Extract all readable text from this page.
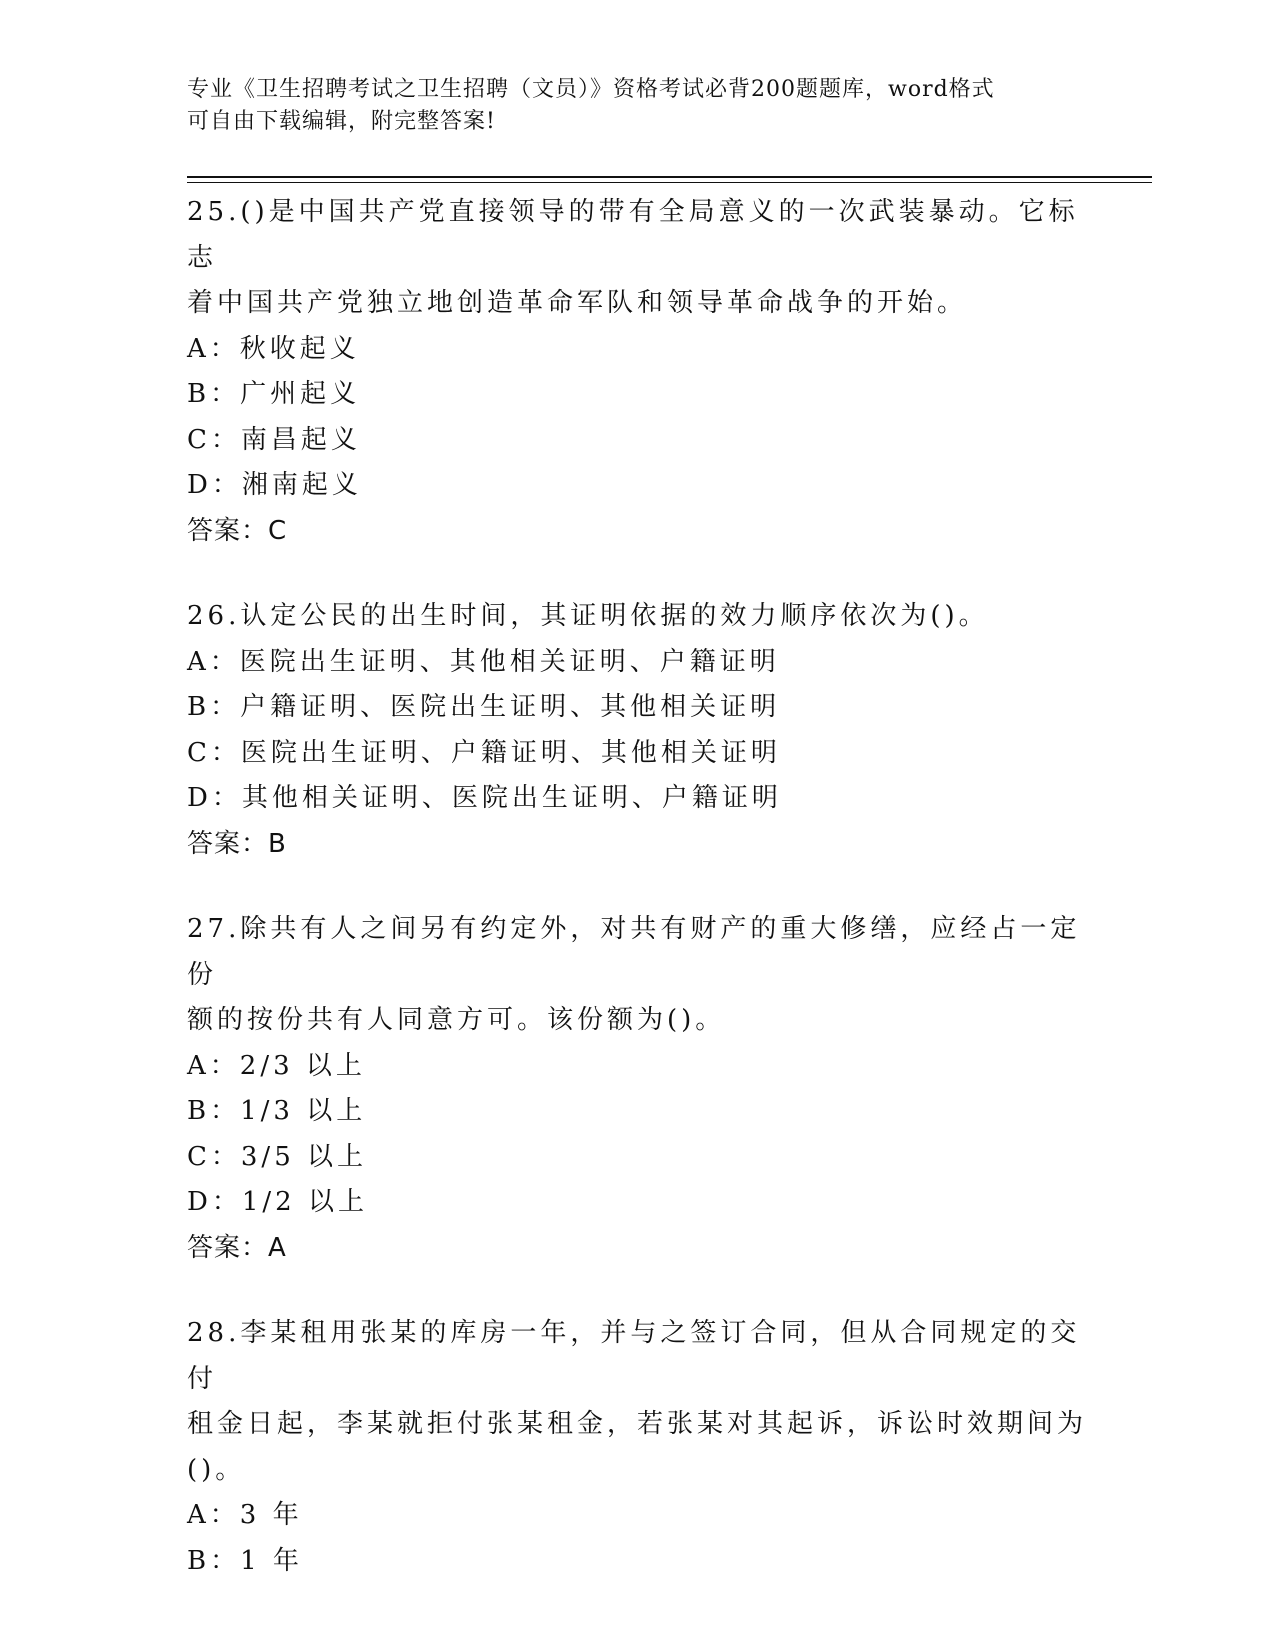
专业《卫生招聘考试之卫生招聘（文员）》资格考试必背200题题库，word格式
可自由下载编辑，附完整答案!
25.()是中国共产党直接领导的带有全局意义的一次武装暴动。它标志
着中国共产党独立地创造革命军队和领导革命战争的开始。
A：秋收起义
B：广州起义
C：南昌起义
D：湘南起义
答案：C
26.认定公民的出生时间，其证明依据的效力顺序依次为()。
A：医院出生证明、其他相关证明、户籍证明
B：户籍证明、医院出生证明、其他相关证明
C：医院出生证明、户籍证明、其他相关证明
D：其他相关证明、医院出生证明、户籍证明
答案：B
27.除共有人之间另有约定外，对共有财产的重大修缮，应经占一定份
额的按份共有人同意方可。该份额为()。
A：2/3 以上
B：1/3 以上
C：3/5 以上
D：1/2 以上
答案：A
28.李某租用张某的库房一年，并与之签订合同，但从合同规定的交付
租金日起，李某就拒付张某租金，若张某对其起诉，诉讼时效期间为
()。
A：3 年
B：1 年
